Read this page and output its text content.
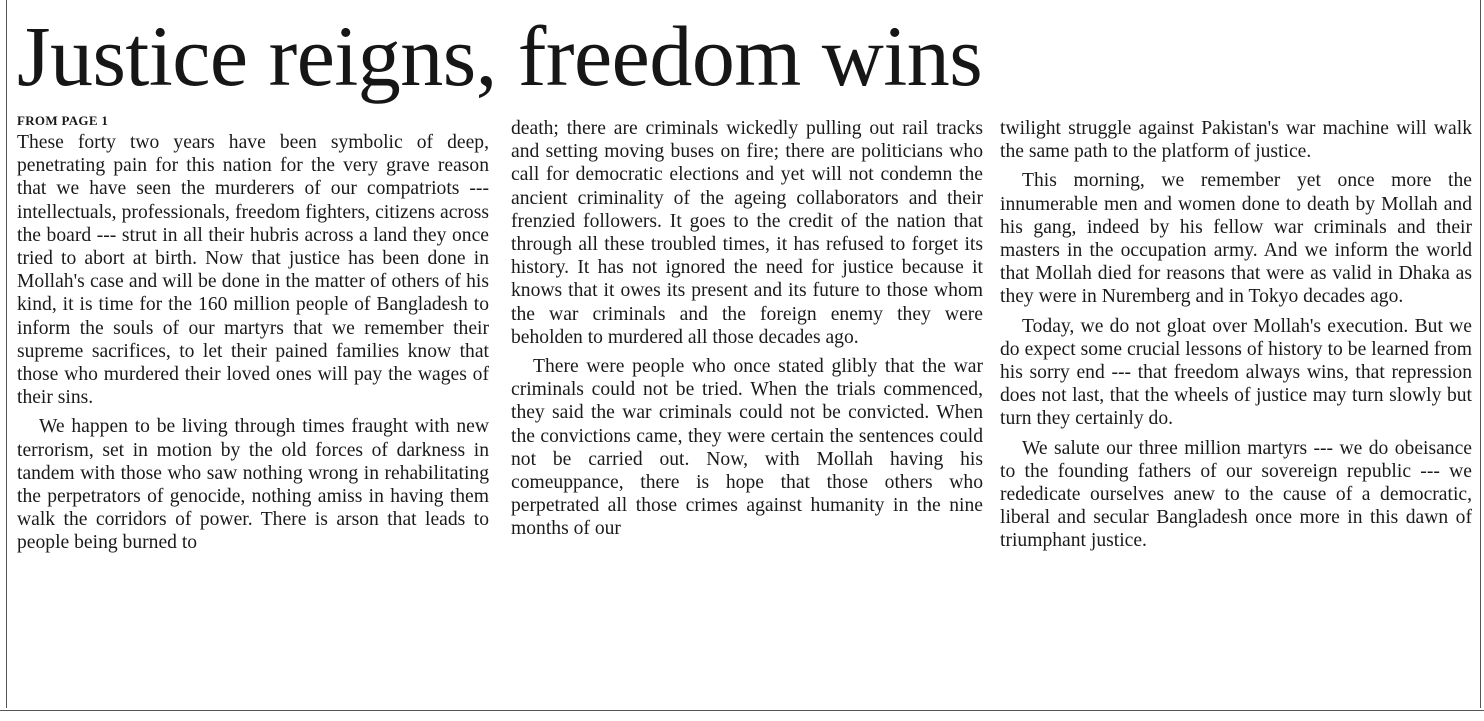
Justice reigns, freedom wins
FROM PAGE 1

These forty two years have been symbolic of deep, penetrating pain for this nation for the very grave reason that we have seen the murderers of our compatriots --- intellectuals, professionals, freedom fighters, citizens across the board --- strut in all their hubris across a land they once tried to abort at birth. Now that justice has been done in Mollah's case and will be done in the matter of others of his kind, it is time for the 160 million people of Bangladesh to inform the souls of our martyrs that we remember their supreme sacrifices, to let their pained families know that those who murdered their loved ones will pay the wages of their sins.

We happen to be living through times fraught with new terrorism, set in motion by the old forces of darkness in tandem with those who saw nothing wrong in rehabilitating the perpetrators of genocide, nothing amiss in having them walk the corridors of power. There is arson that leads to people being burned to

death; there are criminals wickedly pulling out rail tracks and setting moving buses on fire; there are politicians who call for democratic elections and yet will not condemn the ancient criminality of the ageing collaborators and their frenzied followers. It goes to the credit of the nation that through all these troubled times, it has refused to forget its history. It has not ignored the need for justice because it knows that it owes its present and its future to those whom the war criminals and the foreign enemy they were beholden to murdered all those decades ago.

There were people who once stated glibly that the war criminals could not be tried. When the trials commenced, they said the war criminals could not be convicted. When the convictions came, they were certain the sentences could not be carried out. Now, with Mollah having his comeuppance, there is hope that those others who perpetrated all those crimes against humanity in the nine months of our

twilight struggle against Pakistan's war machine will walk the same path to the platform of justice.

This morning, we remember yet once more the innumerable men and women done to death by Mollah and his gang, indeed by his fellow war criminals and their masters in the occupation army. And we inform the world that Mollah died for reasons that were as valid in Dhaka as they were in Nuremberg and in Tokyo decades ago.

Today, we do not gloat over Mollah's execution. But we do expect some crucial lessons of history to be learned from his sorry end --- that freedom always wins, that repression does not last, that the wheels of justice may turn slowly but turn they certainly do.

We salute our three million martyrs --- we do obeisance to the founding fathers of our sovereign republic --- we rededicate ourselves anew to the cause of a democratic, liberal and secular Bangladesh once more in this dawn of triumphant justice.
